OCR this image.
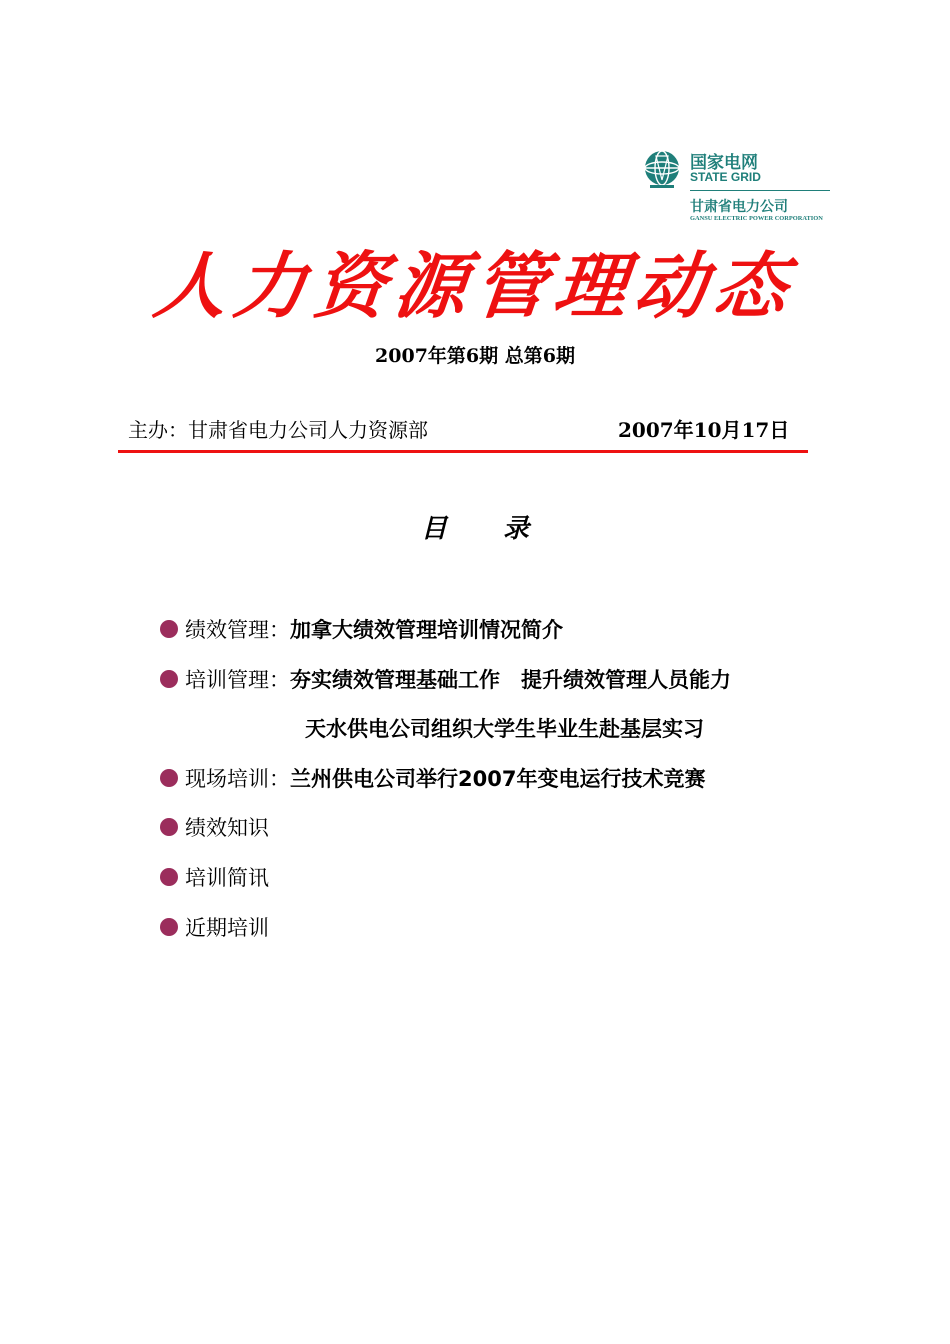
国家电网
STATE GRID
甘肃省电力公司
GANSU ELECTRIC POWER CORPORATION
人力资源管理动态
2007年第6期 总第6期
主办：甘肃省电力公司人力资源部	2007年10月17日
目 录
绩效管理： 加拿大绩效管理培训情况简介
培训管理： 夯实绩效管理基础工作　提升绩效管理人员能力
天水供电公司组织大学生毕业生赴基层实习
现场培训： 兰州供电公司举行2007年变电运行技术竞赛
绩效知识
培训简讯
近期培训
